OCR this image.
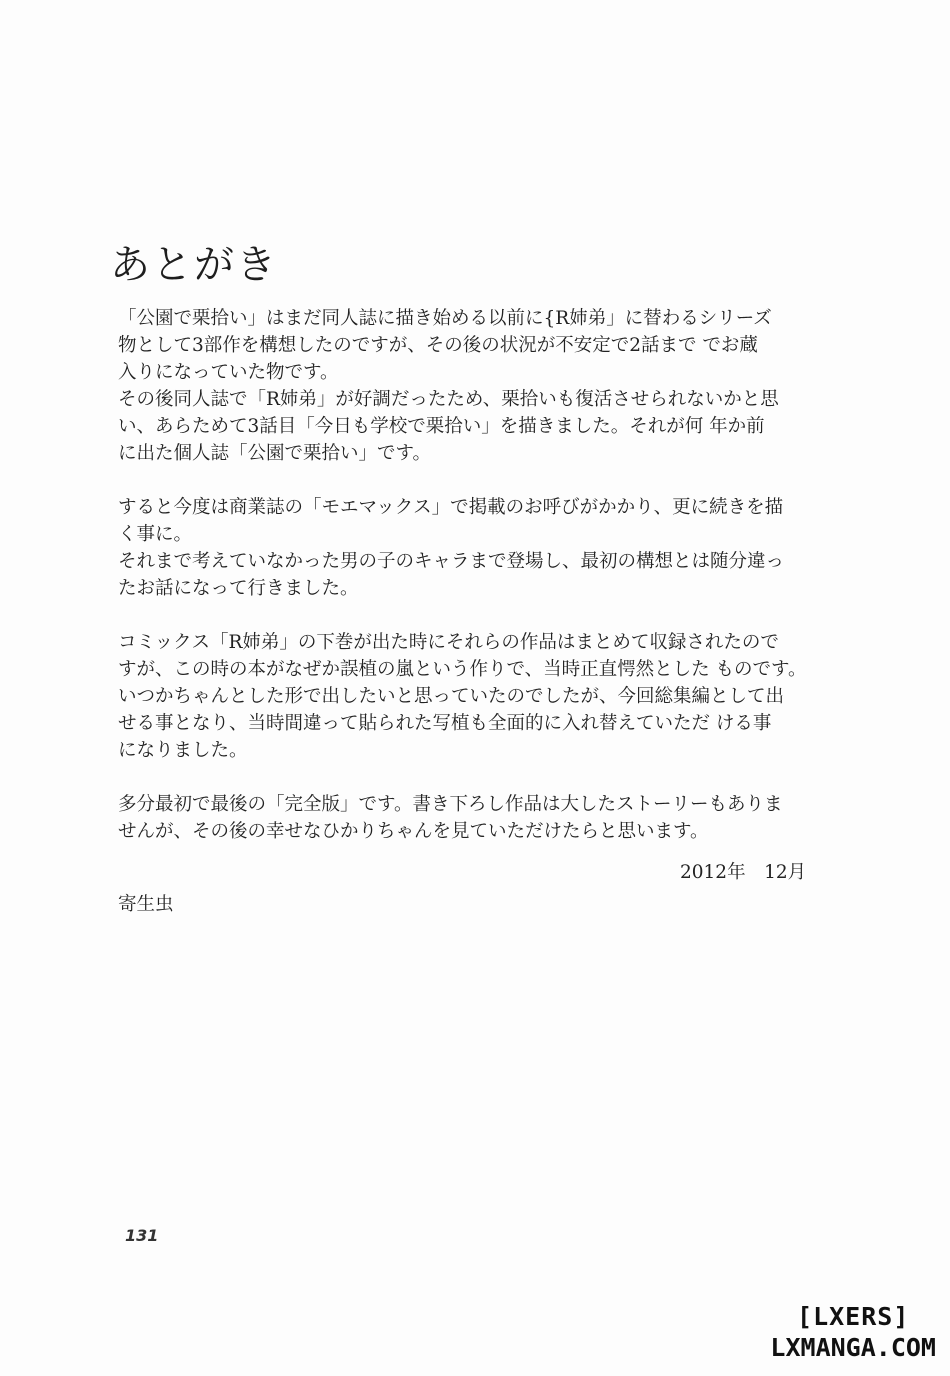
あとがき

「公園で栗拾い」はまだ同人誌に描き始める以前に{R姉弟」に替わるシリーズ
物として3部作を構想したのですが、その後の状況が不安定で2話まで でお蔵
入りになっていた物です。
その後同人誌で「R姉弟」が好調だったため、栗拾いも復活させられないかと思
い、あらためて3話目「今日も学校で栗拾い」を描きました。それが何 年か前
に出た個人誌「公園で栗拾い」です。

すると今度は商業誌の「モエマックス」で掲載のお呼びがかかり、更に続きを描
く事に。
それまで考えていなかった男の子のキャラまで登場し、最初の構想とは随分違っ
たお話になって行きました。

コミックス「R姉弟」の下巻が出た時にそれらの作品はまとめて収録されたので
すが、この時の本がなぜか誤植の嵐という作りで、当時正直愕然とした ものです。
いつかちゃんとした形で出したいと思っていたのでしたが、今回総集編として出
せる事となり、当時間違って貼られた写植も全面的に入れ替えていただ ける事
になりました。

多分最初で最後の「完全版」です。書き下ろし作品は大したストーリーもありま
せんが、その後の幸せなひかりちゃんを見ていただけたらと思います。

2012年　12月
寄生虫
131
[LXERS]
LXMANGA.COM
